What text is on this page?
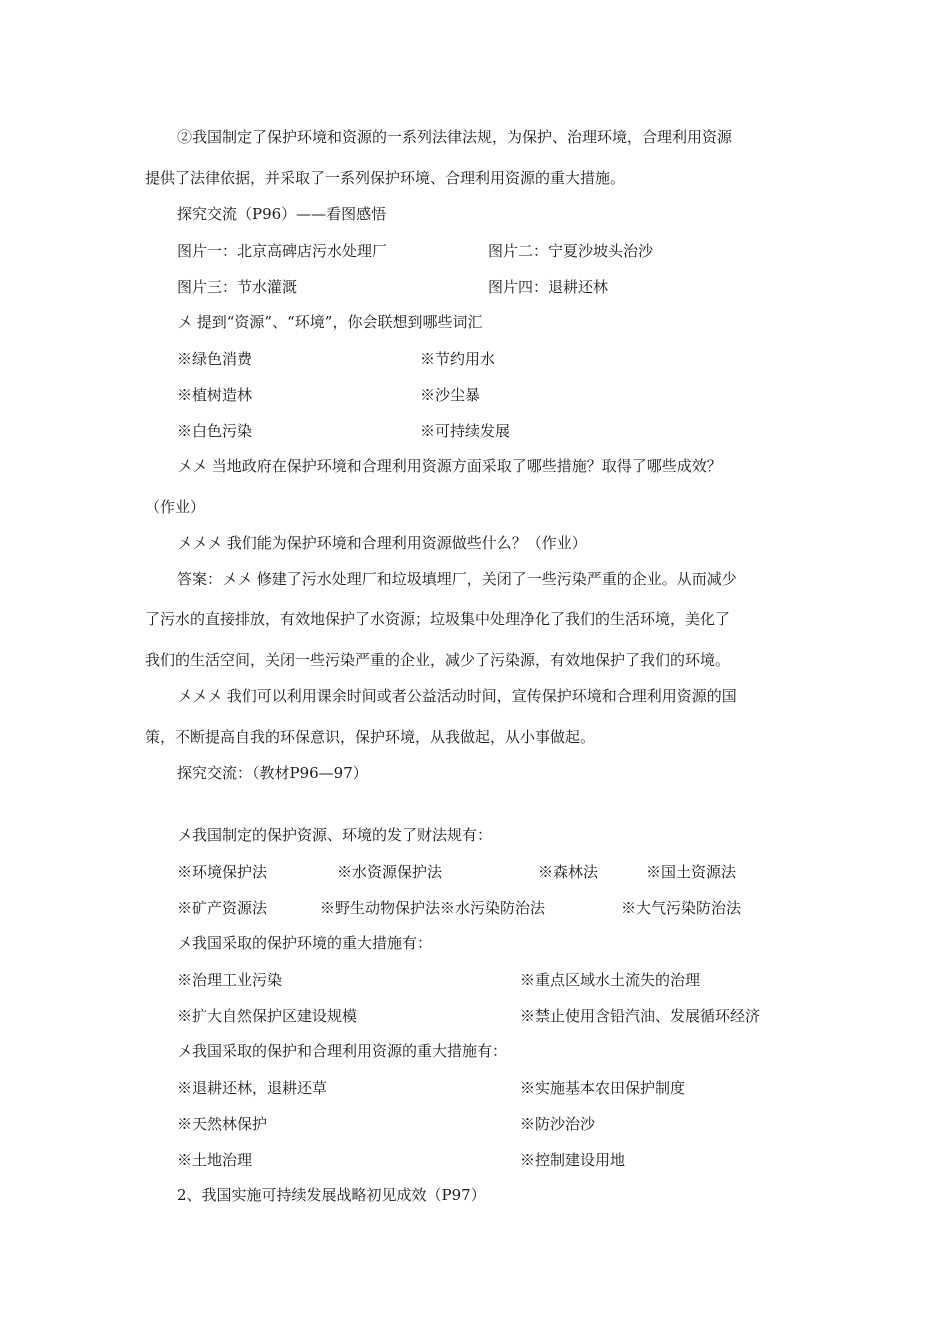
②我国制定了保护环境和资源的一系列法律法规，为保护、治理环境，合理利用资源
提供了法律依据，并采取了一系列保护环境、合理利用资源的重大措施。
探究交流（P96）——看图感悟
图片一：北京高碑店污水处理厂	图片二：宁夏沙坡头治沙
图片三：节水灌溉	图片四：退耕还林
〤 提到“资源”、“环境”，你会联想到哪些词汇
※绿色消费	※节约用水
※植树造林	※沙尘暴
※白色污染	※可持续发展
〤〤 当地政府在保护环境和合理利用资源方面采取了哪些措施？取得了哪些成效？
（作业）
〤〤〤 我们能为保护环境和合理利用资源做些什么？（作业）
答案：〤〤 修建了污水处理厂和垃圾填埋厂，关闭了一些污染严重的企业。从而减少
了污水的直接排放，有效地保护了水资源；垃圾集中处理净化了我们的生活环境，美化了
我们的生活空间，关闭一些污染严重的企业，减少了污染源，有效地保护了我们的环境。
〤〤〤 我们可以利用课余时间或者公益活动时间，宣传保护环境和合理利用资源的国
策，不断提高自我的环保意识，保护环境，从我做起，从小事做起。
探究交流：（教材P96—97）
〤我国制定的保护资源、环境的发了财法规有：
※环境保护法	※水资源保护法	※森林法	※国土资源法
※矿产资源法	※野生动物保护法※水污染防治法	※大气污染防治法
〤我国采取的保护环境的重大措施有：
※治理工业污染	※重点区域水土流失的治理
※扩大自然保护区建设规模	※禁止使用含铅汽油、发展循环经济
〤我国采取的保护和合理利用资源的重大措施有：
※退耕还林，退耕还草	※实施基本农田保护制度
※天然林保护	※防沙治沙
※土地治理	※控制建设用地
2、我国实施可持续发展战略初见成效（P97）
